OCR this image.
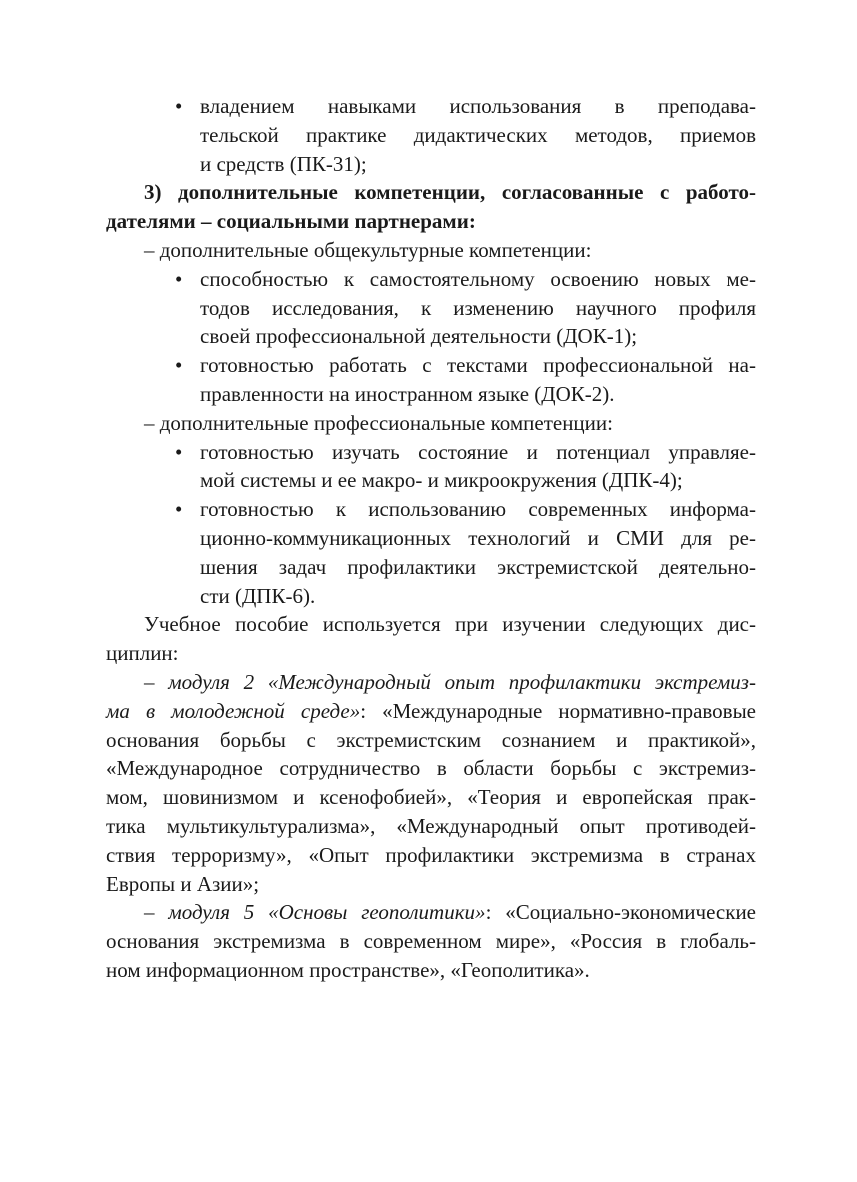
• владением навыками использования в преподава-
тельской практике дидактических методов, приемов
и средств (ПК-31);
3) дополнительные компетенции, согласованные с работо-
дателями – социальными партнерами:
– дополнительные общекультурные компетенции:
• способностью к самостоятельному освоению новых ме-
тодов исследования, к изменению научного профиля
своей профессиональной деятельности (ДОК-1);
• готовностью работать с текстами профессиональной на-
правленности на иностранном языке (ДОК-2).
– дополнительные профессиональные компетенции:
• готовностью изучать состояние и потенциал управляе-
мой системы и ее макро- и микроокружения (ДПК-4);
• готовностью к использованию современных информа-
ционно-коммуникационных технологий и СМИ для ре-
шения задач профилактики экстремистской деятельно-
сти (ДПК-6).
Учебное пособие используется при изучении следующих дис-
циплин:
– модуля 2 «Международный опыт профилактики экстремиз-
ма в молодежной среде»: «Международные нормативно-правовые
основания борьбы с экстремистским сознанием и практикой»,
«Международное сотрудничество в области борьбы с экстремиз-
мом, шовинизмом и ксенофобией», «Теория и европейская прак-
тика мультикультурализма», «Международный опыт противодей-
ствия терроризму», «Опыт профилактики экстремизма в странах
Европы и Азии»;
– модуля 5 «Основы геополитики»: «Социально-экономические
основания экстремизма в современном мире», «Россия в глобаль-
ном информационном пространстве», «Геополитика».
